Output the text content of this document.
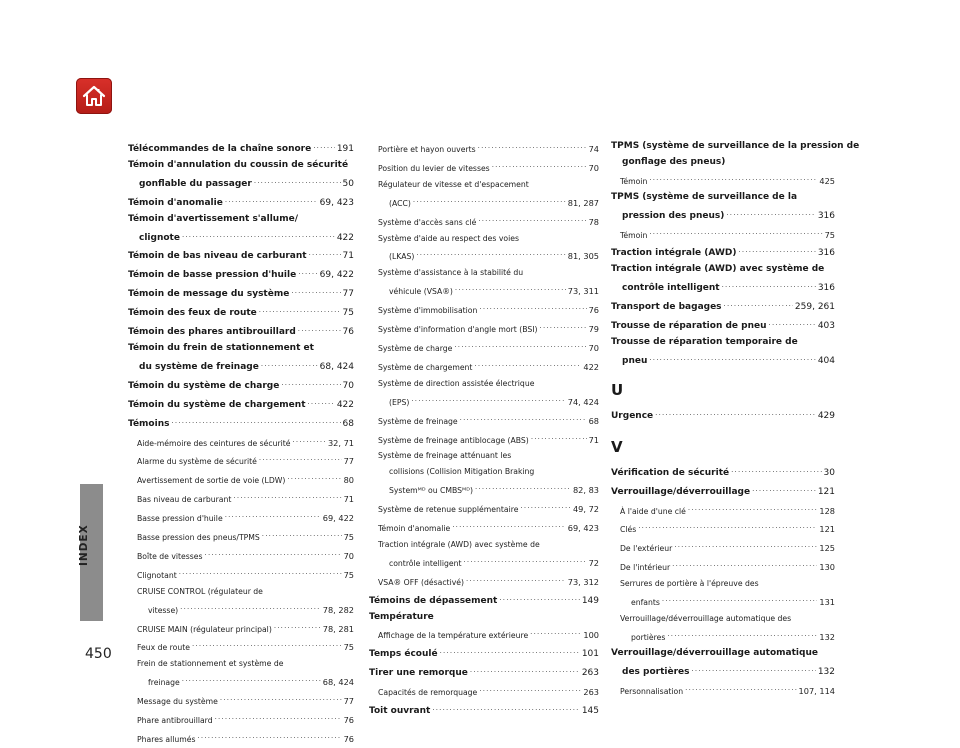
INDEX
450
Télécommandes de la chaîne sonore .....	191
Témoin d'annulation du coussin de sécurité
gonflable du passager .....	50
Témoin d'anomalie .....	69, 423
Témoin d'avertissement s'allume/
clignote .....	422
Témoin de bas niveau de carburant .....	71
Témoin de basse pression d'huile .....	69, 422
Témoin de message du système .....	77
Témoin des feux de route .....	75
Témoin des phares antibrouillard .....	76
Témoin du frein de stationnement et
du système de freinage .....	68, 424
Témoin du système de charge .....	70
Témoin du système de chargement .....	422
Témoins .....	68
Aide-mémoire des ceintures de sécurité .....	32, 71
Alarme du système de sécurité .....	77
Avertissement de sortie de voie (LDW) .....	80
Bas niveau de carburant .....	71
Basse pression d'huile .....	69, 422
Basse pression des pneus/TPMS .....	75
Boîte de vitesses .....	70
Clignotant .....	75
CRUISE CONTROL (régulateur de
vitesse) .....	78, 282
CRUISE MAIN (régulateur principal) .....	78, 281
Feux de route .....	75
Frein de stationnement et système de
freinage .....	68, 424
Message du système .....	77
Phare antibrouillard .....	76
Phares allumés .....	76
Portière et hayon ouverts .....	74
Position du levier de vitesses .....	70
Régulateur de vitesse et d'espacement
(ACC) .....	81, 287
Système d'accès sans clé .....	78
Système d'aide au respect des voies
(LKAS) .....	81, 305
Système d'assistance à la stabilité du
véhicule (VSA®) .....	73, 311
Système d'immobilisation .....	76
Système d'information d'angle mort (BSI) .....	79
Système de charge .....	70
Système de chargement .....	422
Système de direction assistée électrique
(EPS) .....	74, 424
Système de freinage .....	68
Système de freinage antiblocage (ABS) .....	71
Système de freinage atténuant les
collisions (Collision Mitigation Braking
Systemᴹᴰ ou CMBSᴹᴰ) .....	82, 83
Système de retenue supplémentaire .....	49, 72
Témoin d'anomalie .....	69, 423
Traction intégrale (AWD) avec système de
contrôle intelligent .....	72
VSA® OFF (désactivé) .....	73, 312
Témoins de dépassement .....	149
Température
Affichage de la température extérieure .....	100
Temps écoulé .....	101
Tirer une remorque .....	263
Capacités de remorquage .....	263
Toit ouvrant .....	145
TPMS (système de surveillance de la pression de
gonflage des pneus)
Témoin .....	425
TPMS (système de surveillance de la
pression des pneus) .....	316
Témoin .....	75
Traction intégrale (AWD) .....	316
Traction intégrale (AWD) avec système de
contrôle intelligent .....	316
Transport de bagages .....	259, 261
Trousse de réparation de pneu .....	403
Trousse de réparation temporaire de
pneu .....	404
U
Urgence .....	429
V
Vérification de sécurité .....	30
Verrouillage/déverrouillage .....	121
À l'aide d'une clé .....	128
Clés .....	121
De l'extérieur .....	125
De l'intérieur .....	130
Serrures de portière à l'épreuve des
enfants .....	131
Verrouillage/déverrouillage automatique des
portières .....	132
Verrouillage/déverrouillage automatique
des portières .....	132
Personnalisation .....	107, 114
